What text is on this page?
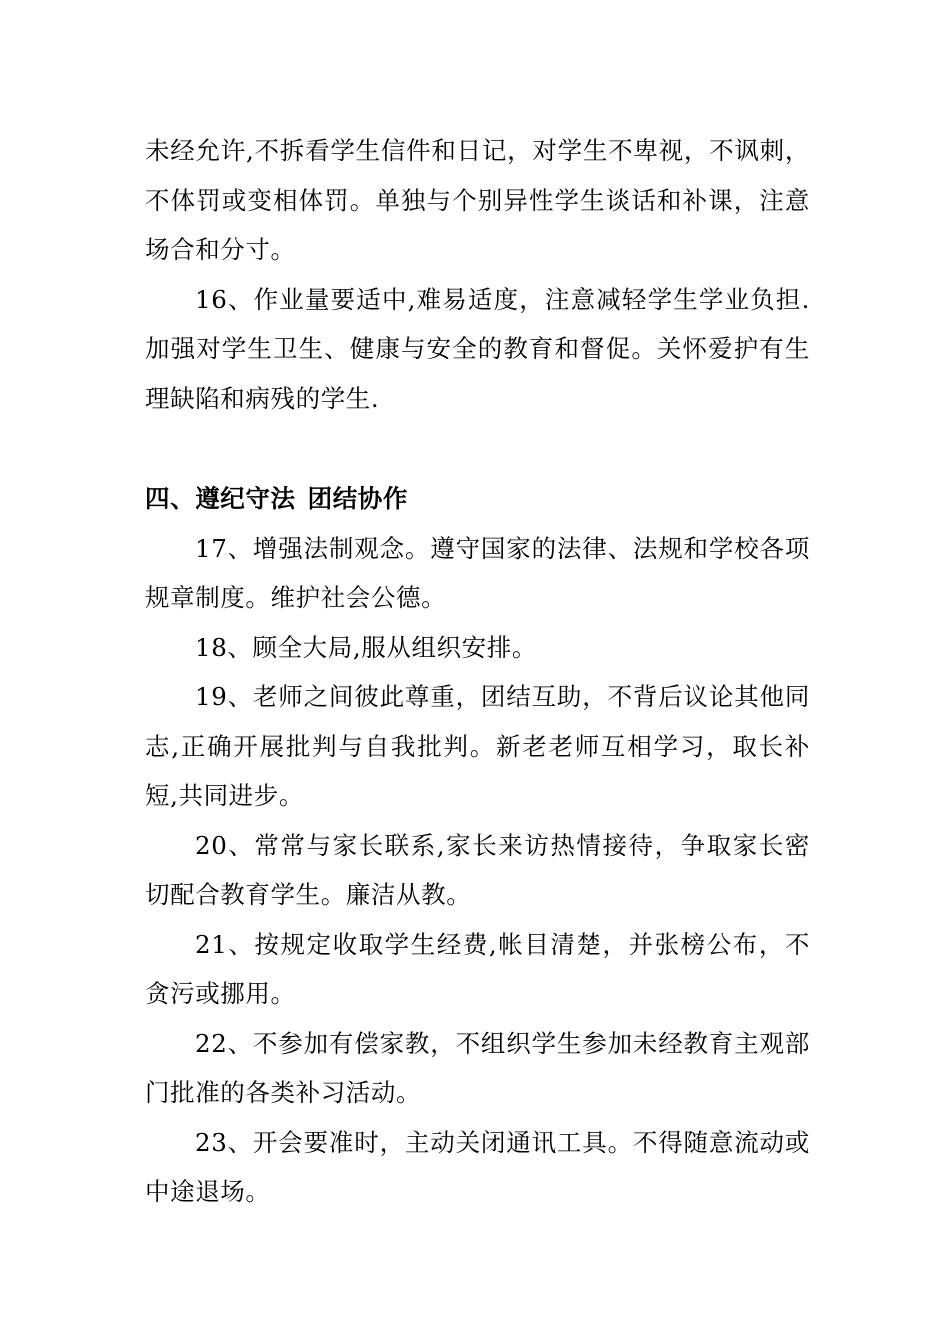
未经允许,不拆看学生信件和日记，对学生不卑视，不讽刺，不体罚或变相体罚。单独与个别异性学生谈话和补课，注意场合和分寸。

16、作业量要适中,难易适度，注意减轻学生学业负担.加强对学生卫生、健康与安全的教育和督促。关怀爱护有生理缺陷和病残的学生.

四、遵纪守法 团结协作

17、增强法制观念。遵守国家的法律、法规和学校各项规章制度。维护社会公德。

18、顾全大局,服从组织安排。

19、老师之间彼此尊重，团结互助，不背后议论其他同志,正确开展批判与自我批判。新老老师互相学习，取长补短,共同进步。

20、常常与家长联系,家长来访热情接待，争取家长密切配合教育学生。廉洁从教。

21、按规定收取学生经费,帐目清楚，并张榜公布，不贪污或挪用。

22、不参加有偿家教，不组织学生参加未经教育主观部门批准的各类补习活动。

23、开会要准时，主动关闭通讯工具。不得随意流动或中途退场。
